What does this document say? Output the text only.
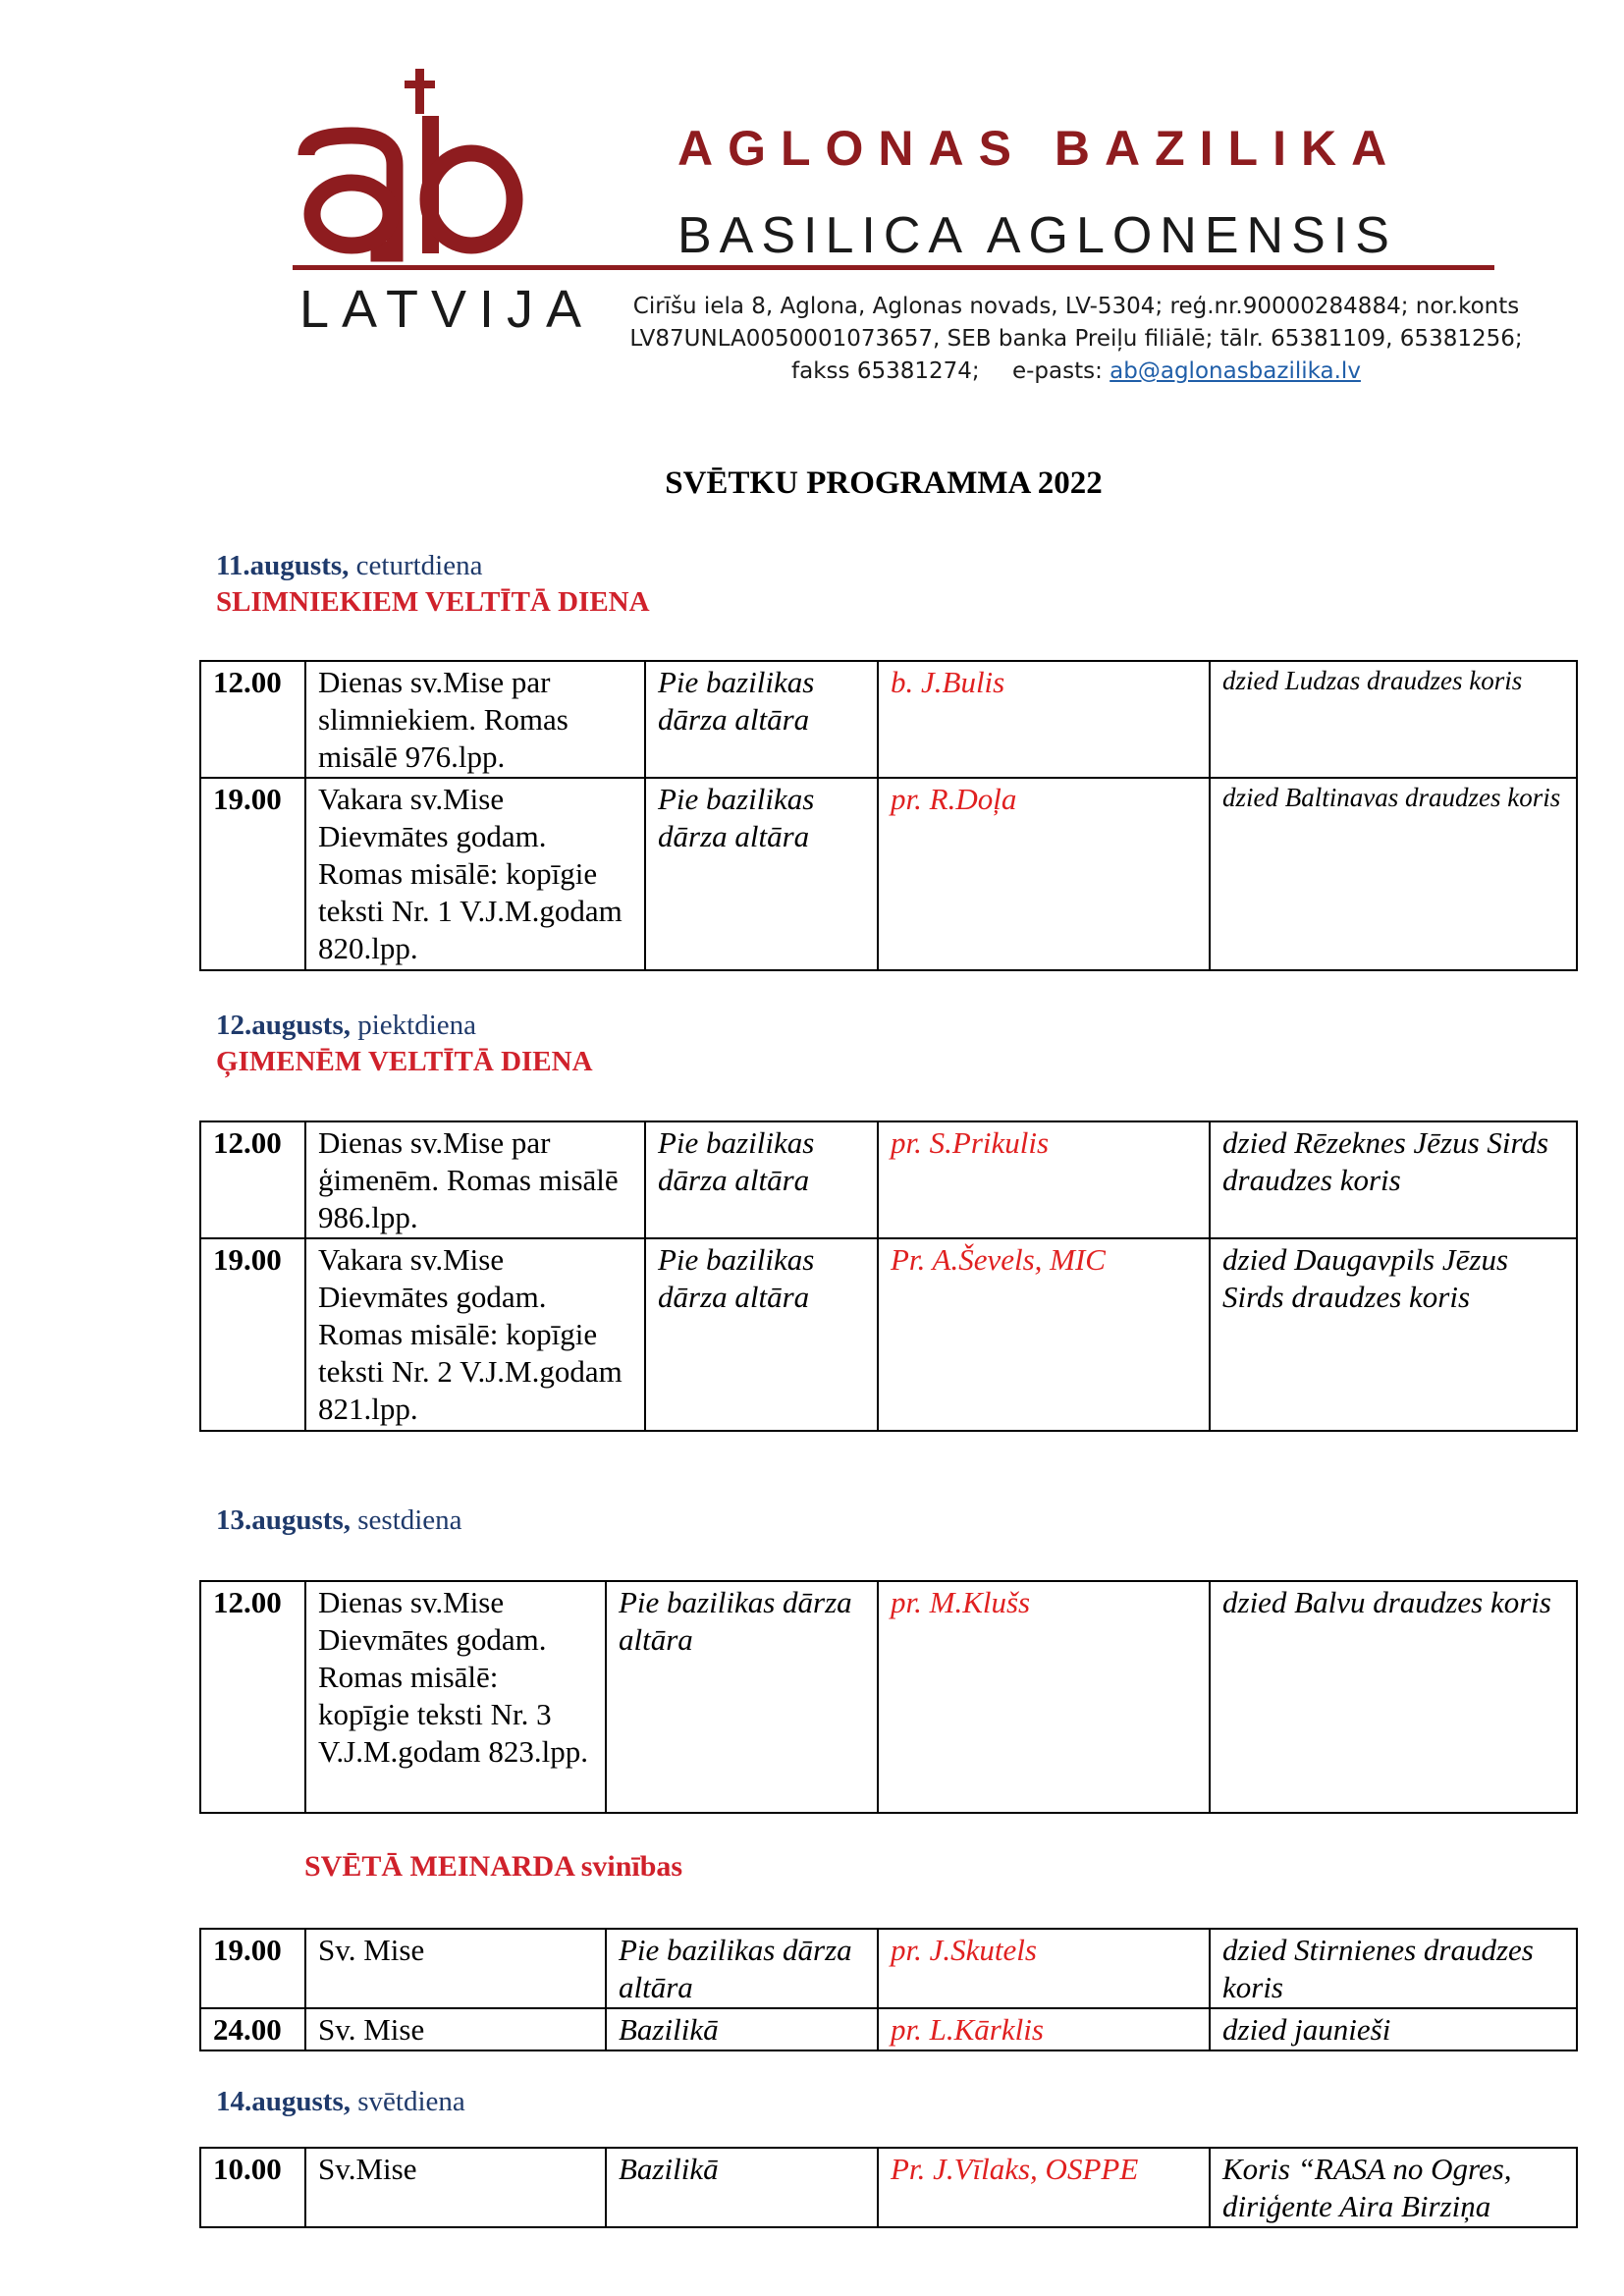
AGLONAS BAZILIKA
BASILICA AGLONENSIS
LATVIJA	Cirīšu iela 8, Aglona, Aglonas novads, LV-5304; reģ.nr.90000284884; nor.konts
LV87UNLA0050001073657, SEB banka Preiļu filiālē; tālr. 65381109, 65381256;
fakss 65381274; e-pasts: ab@aglonasbazilika.lv
SVĒTKU PROGRAMMA 2022
11.augusts, ceturtdiena
SLIMNIEKIEM VELTĪTĀ DIENA
12.00	Dienas sv.Mise par slimniekiem. Romas misālē 976.lpp.	Pie bazilikas dārza altāra	b. J.Bulis	dzied Ludzas draudzes koris
19.00	Vakara sv.Mise Dievmātes godam. Romas misālē: kopīgie teksti Nr. 1 V.J.M.godam 820.lpp.	Pie bazilikas dārza altāra	pr. R.Doļa	dzied Baltinavas draudzes koris
12.augusts, piektdiena
ĢIMENĒM VELTĪTĀ DIENA
12.00	Dienas sv.Mise par ģimenēm. Romas misālē 986.lpp.	Pie bazilikas dārza altāra	pr. S.Prikulis	dzied Rēzeknes Jēzus Sirds draudzes koris
19.00	Vakara sv.Mise Dievmātes godam. Romas misālē: kopīgie teksti Nr. 2 V.J.M.godam 821.lpp.	Pie bazilikas dārza altāra	Pr. A.Ševels, MIC	dzied Daugavpils Jēzus Sirds draudzes koris
13.augusts, sestdiena
12.00	Dienas sv.Mise Dievmātes godam. Romas misālē: kopīgie teksti Nr. 3 V.J.M.godam 823.lpp.	Pie bazilikas dārza altāra	pr. M.Klušs	dzied Balvu draudzes koris
SVĒTĀ MEINARDA svinības
19.00	Sv. Mise	Pie bazilikas dārza altāra	pr. J.Skutels	dzied Stirnienes draudzes koris
24.00	Sv. Mise	Bazilikā	pr. L.Kārklis	dzied jaunieši
14.augusts, svētdiena
10.00	Sv.Mise	Bazilikā	Pr. J.Vīlaks, OSPPE	Koris “RASA no Ogres, diriģente Aira Birziņa
